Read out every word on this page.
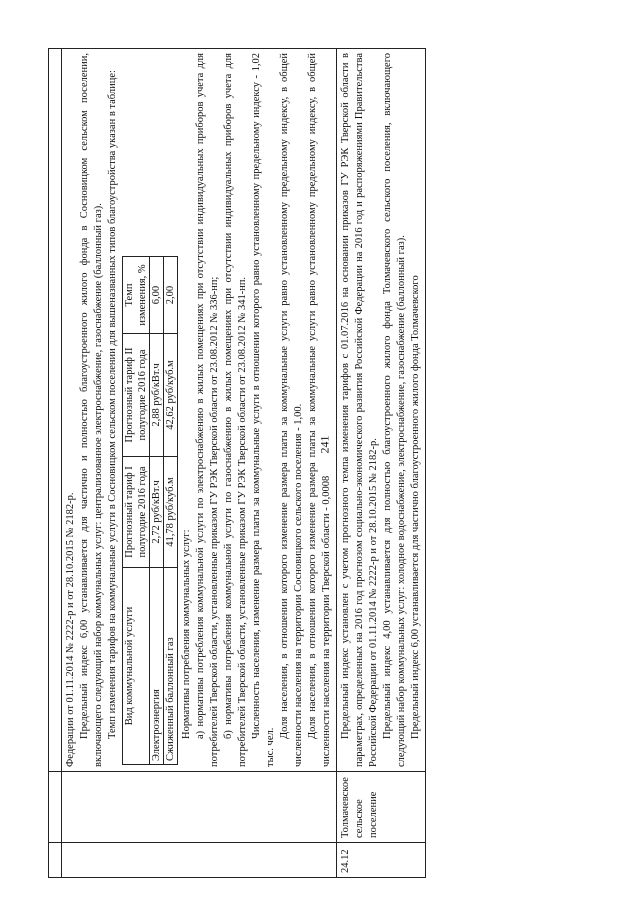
241

Федерации от 01.11.2014 № 2222-р и от 28.10.2015 № 2182-р. Предельный индекс 6,00 устанавливается для частично и полностью благоустроенного жилого фонда в Сосновицком сельском поселении, включающего следующий набор коммунальных услуг: централизованное электроснабжение, газоснабжение (баллонный газ). Темп изменения тарифов на коммунальные услуги в Сосновицком сельском поселении для вышеназванных типов благоустройства указан в таблице: Вид коммунальной услуги	Прогнозный тариф I полугодие 2016 года	Прогнозный тариф II полугодие 2016 года	Темп изменения, %
Электроэнергия	2,72 руб/кВт.ч	2,88 руб/кВт.ч	6,00
Сжиженный баллонный газ	41,78 руб/куб.м	42,62 руб/куб.м	2,00

Нормативы потребления коммунальных услуг: а) нормативы потребления коммунальной услуги по электроснабжению в жилых помещениях при отсутствии индивидуальных приборов учета для потребителей Тверской области, установленные приказом ГУ РЭК Тверской области от 23.08.2012 № 336-нп; б) нормативы потребления коммунальной услуги по газоснабжению в жилых помещениях при отсутствии индивидуальных приборов учета для потребителей Тверской области, установленные приказом ГУ РЭК Тверской области от 23.08.2012 № 341-нп. Численность населения, изменение размера платы за коммунальные услуги в отношении которого равно установленному предельному индексу - 1,02 тыс. чел.

Доля населения, в отношении которого изменение размера платы за коммунальные услуги равно установленному предельному индексу, в общей численности населения на территории Сосновицкого сельского поселения - 1,00. Доля населения, в отношении которого изменение размера платы за коммунальные услуги равно установленному предельному индексу, в общей численности населения на территории Тверской области - 0,0008

24.12	Толмачевское сельское поселение	

Предельный индекс установлен с учетом прогнозного темпа изменения тарифов с 01.07.2016 на основании приказов ГУ РЭК Тверской области в параметрах, определенных на 2016 год прогнозом социально-экономического развития Российской Федерации на 2016 год и распоряжениями Правительства Российской Федерации от 01.11.2014 № 2222-р и от 28.10.2015 № 2182-р. Предельный индекс 4,00 устанавливается для полностью благоустроенного жилого фонда Толмачевского сельского поселения, включающего следующий набор коммунальных услуг: холодное водоснабжение, электроснабжение, газоснабжение (баллонный газ). Предельный индекс 6,00 устанавливается для частично благоустроенного жилого фонда Толмачевского
